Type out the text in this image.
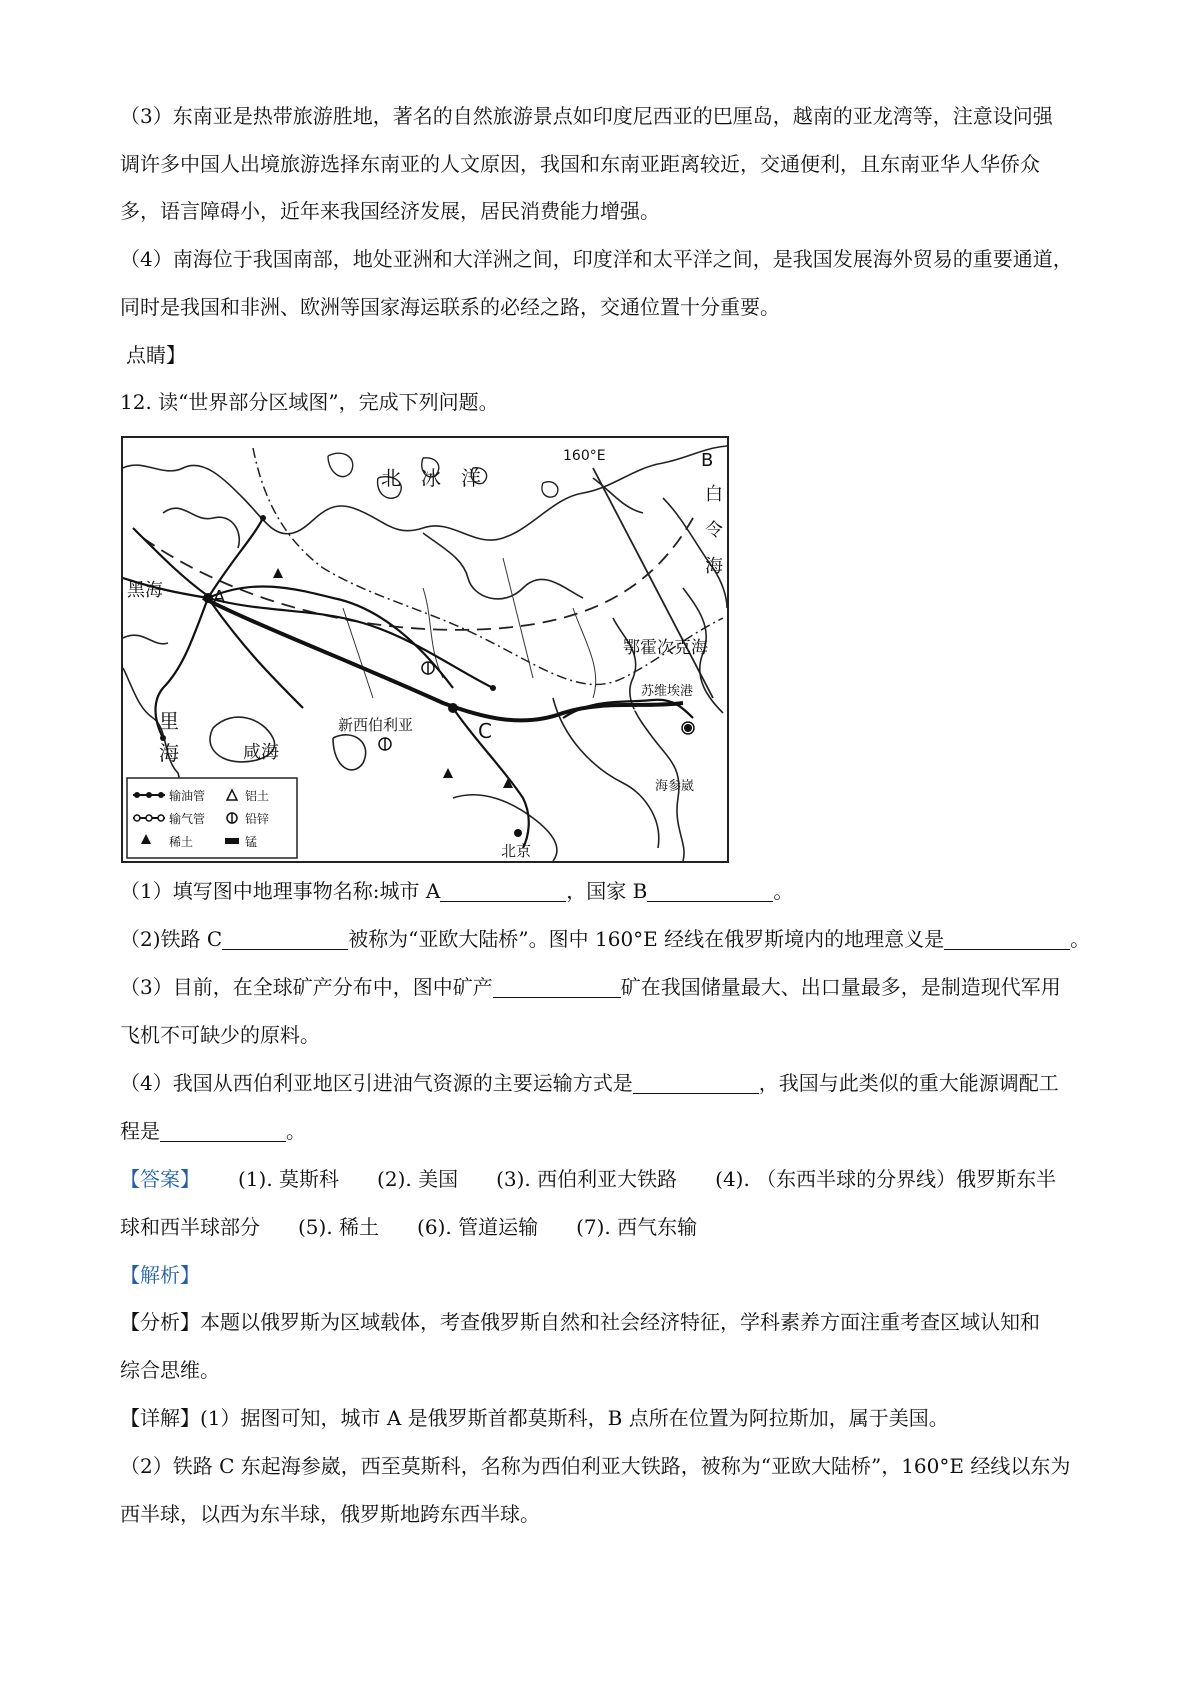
（3）东南亚是热带旅游胜地，著名的自然旅游景点如印度尼西亚的巴厘岛，越南的亚龙湾等，注意设问强
调许多中国人出境旅游选择东南亚的人文原因，我国和东南亚距离较近，交通便利，且东南亚华人华侨众
多，语言障碍小，近年来我国经济发展，居民消费能力增强。
（4）南海位于我国南部，地处亚洲和大洋洲之间，印度洋和太平洋之间，是我国发展海外贸易的重要通道，
同时是我国和非洲、欧洲等国家海运联系的必经之路，交通位置十分重要。
点睛】
12. 读“世界部分区域图”，完成下列问题。
北　冰　洋
160°E	B
白
令
海
黑海	A
鄂霍次克海
苏维埃港
新西伯利亚	C
里
海	咸海
海参崴
北京
输油管
输气管
稀土
铝土
铅锌
锰
（1）填写图中地理事物名称:城市 A	，国家 B	。
（2)铁路 C	被称为“亚欧大陆桥”。图中 160°E 经线在俄罗斯境内的地理意义是	。
（3）目前，在全球矿产分布中，图中矿产	矿在我国储量最大、出口量最多，是制造现代军用
飞机不可缺少的原料。
（4）我国从西伯利亚地区引进油气资源的主要运输方式是	，我国与此类似的重大能源调配工
程是	。
【答案】 (1). 莫斯科 (2). 美国 (3). 西伯利亚大铁路 (4). （东西半球的分界线）俄罗斯东半
球和西半球部分 (5). 稀土 (6). 管道运输 (7). 西气东输
【解析】
【分析】本题以俄罗斯为区域载体，考查俄罗斯自然和社会经济特征，学科素养方面注重考查区域认知和
综合思维。
【详解】(1）据图可知，城市 A 是俄罗斯首都莫斯科，B 点所在位置为阿拉斯加，属于美国。
（2）铁路 C 东起海参崴，西至莫斯科，名称为西伯利亚大铁路，被称为“亚欧大陆桥”，160°E 经线以东为
西半球，以西为东半球，俄罗斯地跨东西半球。
